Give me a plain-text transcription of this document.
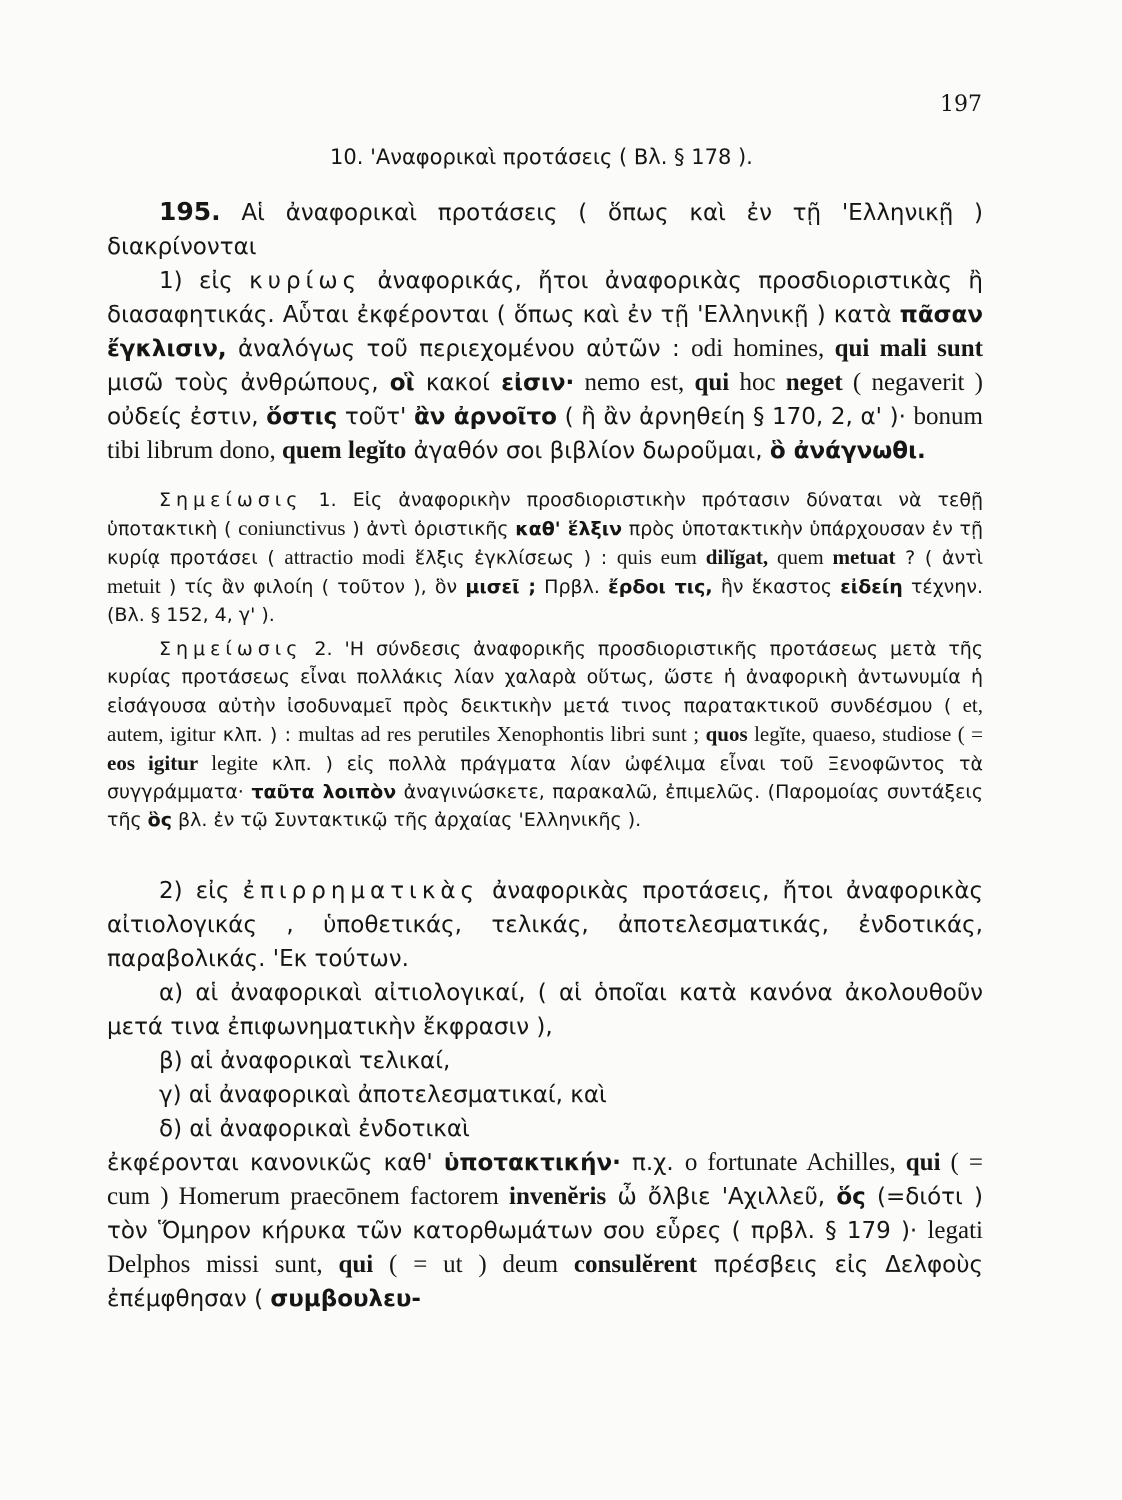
197
10. 'Αναφορικαὶ προτάσεις ( Βλ. § 178 ).

195. Αἱ ἀναφορικαὶ προτάσεις ( ὅπως καὶ ἐν τῇ 'Ελληνικῇ ) διακρίνονται

1) εἰς κυρίως ἀναφορικάς, ἤτοι ἀναφορικὰς προσδιοριστικὰς ἢ διασαφητικάς. Αὗται ἐκφέρονται ( ὅπως καὶ ἐν τῇ 'Ελληνικῇ ) κατὰ πᾶσαν ἔγκλισιν, ἀναλόγως τοῦ περιεχομένου αὐτῶν : odi homines, qui mali sunt μισῶ τοὺς ἀνθρώπους, οἳ κακοί εἰσιν· nemo est, qui hoc neget ( negaverit ) οὐδείς ἐστιν, ὅστις τοῦτ' ἂν ἀρνοῖτο ( ἢ ἂν ἀρνηθείη § 170, 2, α' )· bonum tibi librum dono, quem legĭto ἀγαθόν σοι βιβλίον δωροῦμαι, ὃ ἀνάγνωθι.

Σημείωσις 1. Εἰς ἀναφορικὴν προσδιοριστικὴν πρότασιν δύναται νὰ τεθῇ ὑποτακτικὴ ( coniunctivus ) ἀντὶ ὁριστικῆς καθ' ἕλξιν πρὸς ὑποτακτικὴν ὑπάρχουσαν ἐν τῇ κυρίᾳ προτάσει ( attractio modi ἕλξις ἐγκλίσεως ) : quis eum dilĭgat, quem metuat ? ( ἀντὶ metuit ) τίς ἂν φιλοίη ( τοῦτον ), ὃν μισεῖ ; Πρβλ. ἔρδοι τις, ἣν ἕκαστος εἰδείη τέχνην. (Βλ. § 152, 4, γ' ).

Σημείωσις 2. 'Η σύνδεσις ἀναφορικῆς προσδιοριστικῆς προτάσεως μετὰ τῆς κυρίας προτάσεως εἶναι πολλάκις λίαν χαλαρὰ οὕτως, ὥστε ἡ ἀναφορικὴ ἀντωνυμία ἡ εἰσάγουσα αὐτὴν ἰσοδυναμεῖ πρὸς δεικτικὴν μετά τινος παρατακτικοῦ συνδέσμου ( et, autem, igitur κλπ. ) : multas ad res perutiles Xenophontis libri sunt ; quos legĭte, quaeso, studiose ( = eos igitur legite κλπ. ) εἰς πολλὰ πράγματα λίαν ὠφέλιμα εἶναι τοῦ Ξενοφῶντος τὰ συγγράμματα· ταῦτα λοιπὸν ἀναγινώσκετε, παρακαλῶ, ἐπιμελῶς. (Παρομοίας συντάξεις τῆς ὃς βλ. ἐν τῷ Συντακτικῷ τῆς ἀρχαίας 'Ελληνικῆς ).

2) εἰς ἐπιρρηματικὰς ἀναφορικὰς προτάσεις, ἤτοι ἀναφορικὰς αἰτιολογικάς , ὑποθετικάς, τελικάς, ἀποτελεσματικάς, ἐνδοτικάς, παραβολικάς. 'Εκ τούτων.

α) αἱ ἀναφορικαὶ αἰτιολογικαί, ( αἱ ὁποῖαι κατὰ κανόνα ἀκολουθοῦν μετά τινα ἐπιφωνηματικὴν ἔκφρασιν ),

β) αἱ ἀναφορικαὶ τελικαί,

γ) αἱ ἀναφορικαὶ ἀποτελεσματικαί, καὶ

δ) αἱ ἀναφορικαὶ ἐνδοτικαὶ

ἐκφέρονται κανονικῶς καθ' ὑποτακτικήν· π.χ. o fortunate Achilles, qui ( = cum ) Homerum praecōnem factorem invenĕris ὦ ὄλβιε 'Αχιλλεῦ, ὅς (=διότι ) τὸν Ὅμηρον κήρυκα τῶν κατορθωμάτων σου εὗρες ( πρβλ. § 179 )· legati Delphos missi sunt, qui ( = ut ) deum consulĕrent πρέσβεις εἰς Δελφοὺς ἐπέμφθησαν ( συμβουλευ-
